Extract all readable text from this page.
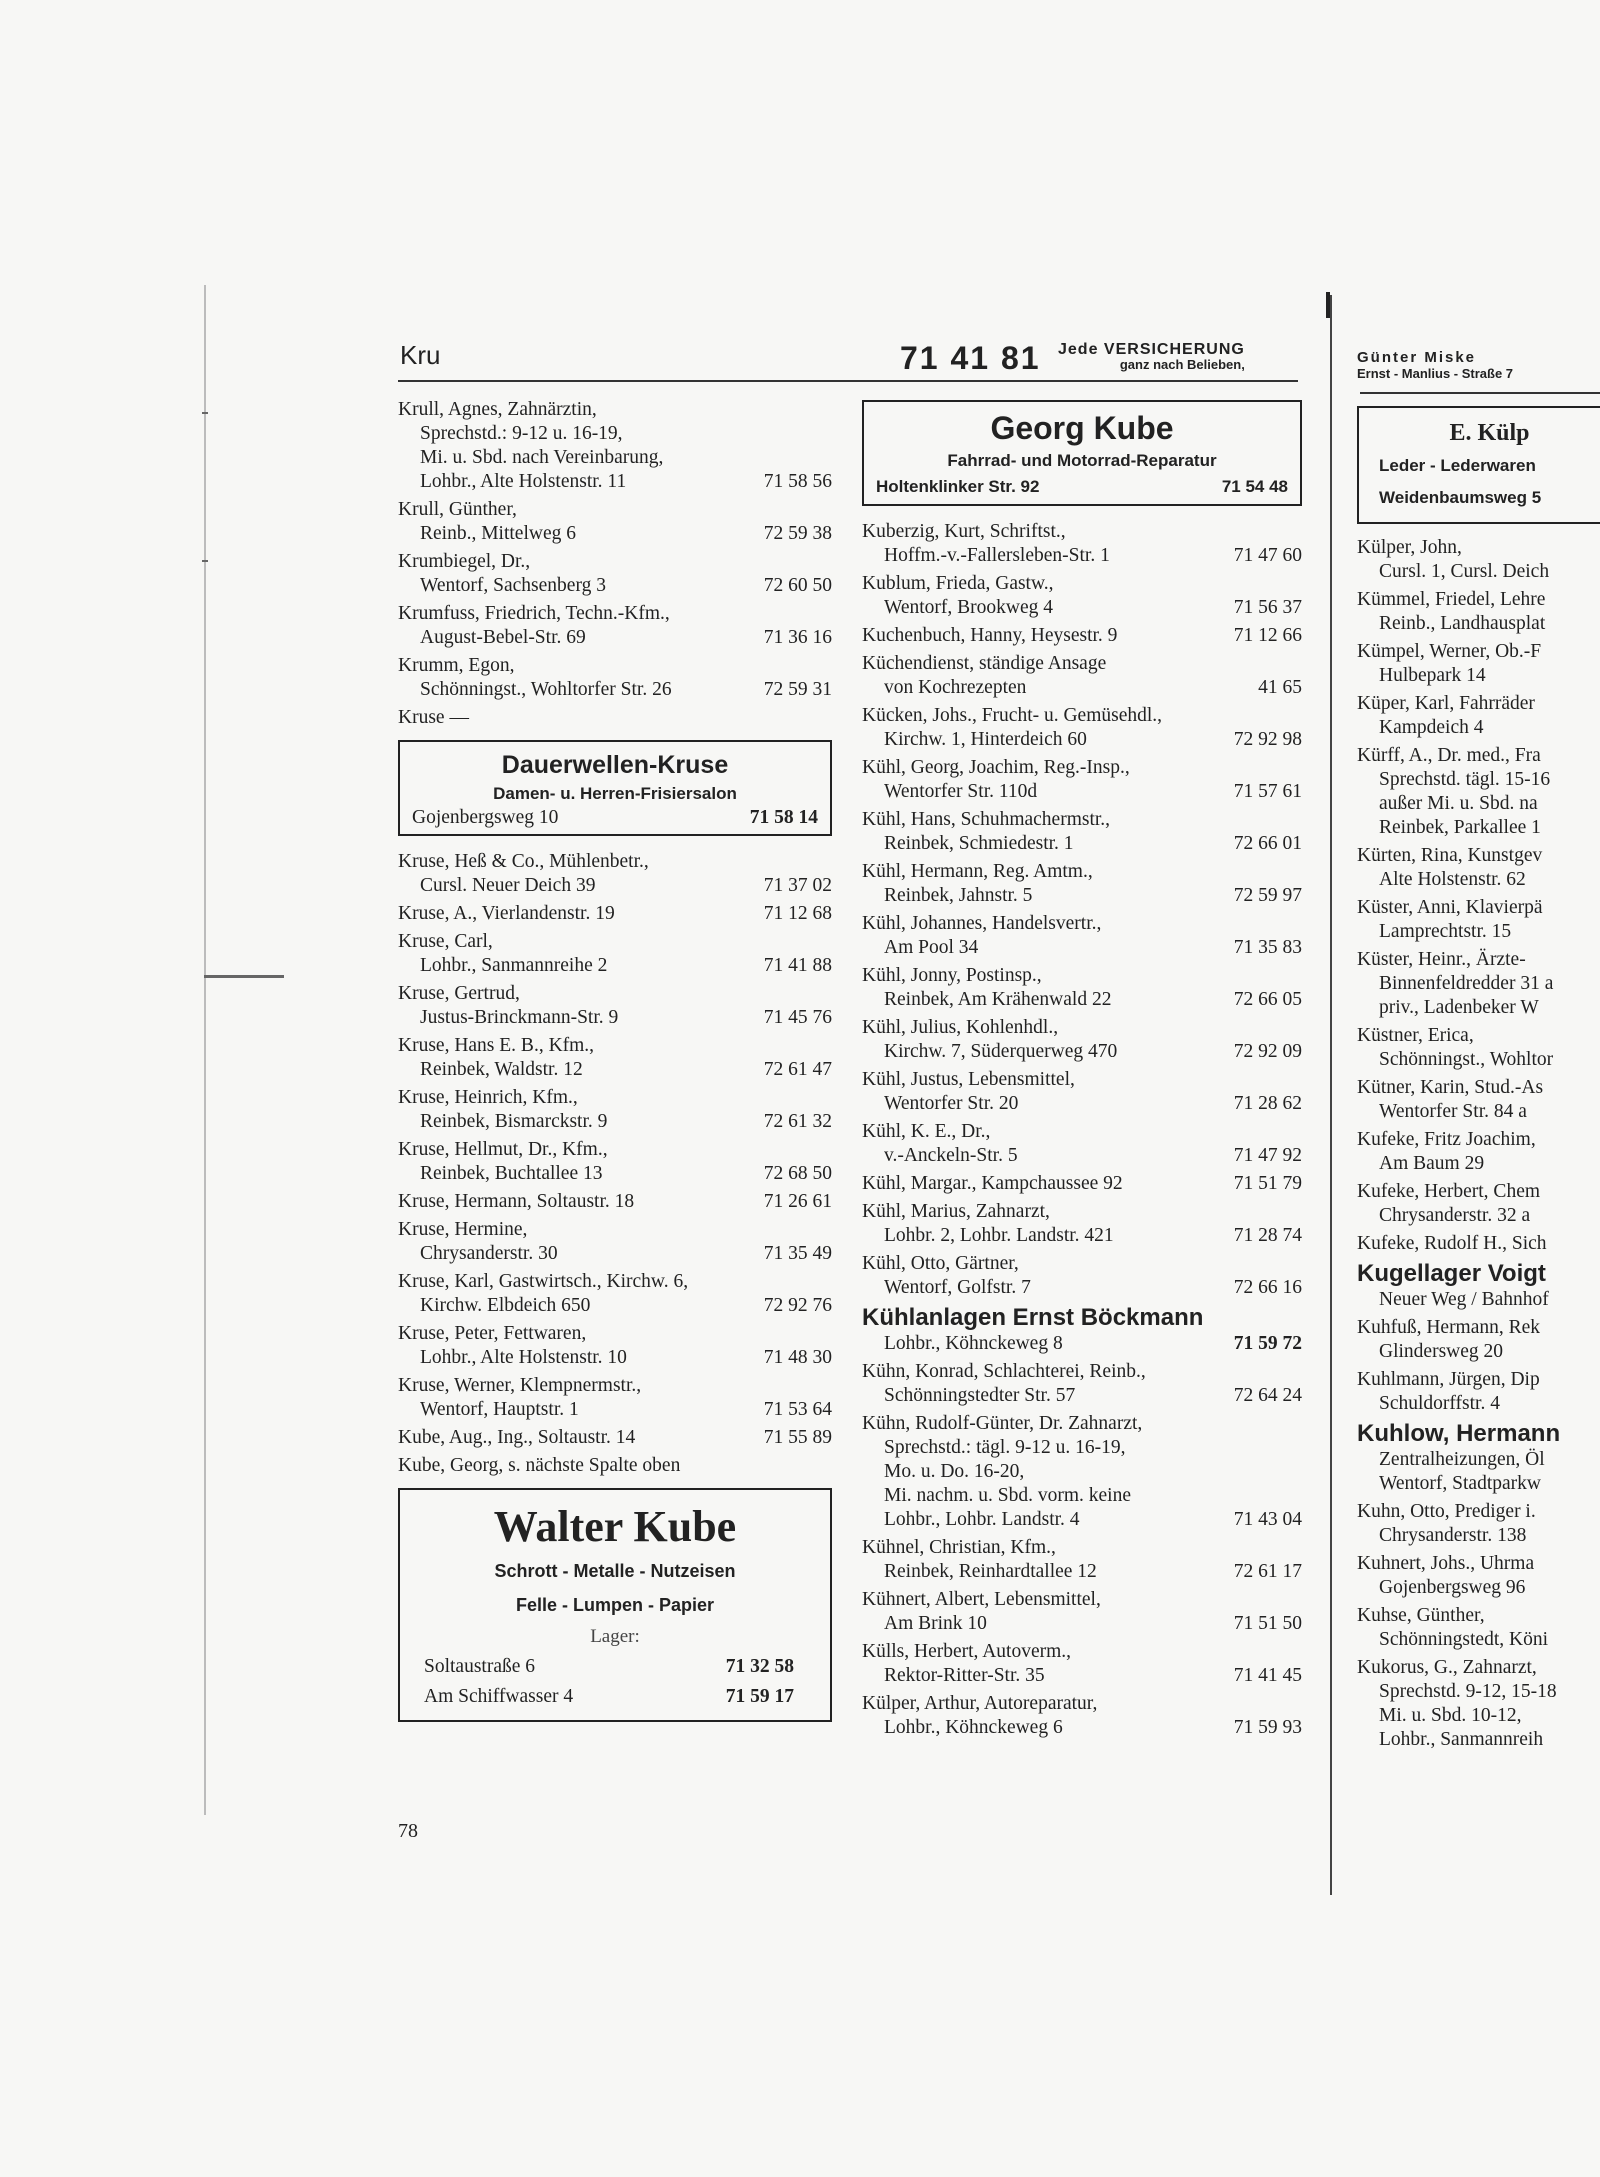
Kru	71 41 81 Jede VERSICHERUNG
ganz nach Belieben,
Krull, Agnes, Zahnärztin,
Sprechstd.: 9-12 u. 16-19,
Mi. u. Sbd. nach Vereinbarung,
Lohbr., Alte Holstenstr. 11	71 58 56
Krull, Günther,
Reinb., Mittelweg 6	72 59 38
Krumbiegel, Dr.,
Wentorf, Sachsenberg 3	72 60 50
Krumfuss, Friedrich, Techn.-Kfm.,
August-Bebel-Str. 69	71 36 16
Krumm, Egon,
Schönningst., Wohltorfer Str. 26	72 59 31
Kruse —
Dauerwellen-Kruse
Damen- u. Herren-Frisiersalon
Gojenbergsweg 10	71 58 14
Kruse, Heß & Co., Mühlenbetr.,
Cursl. Neuer Deich 39	71 37 02
Kruse, A., Vierlandenstr. 19	71 12 68
Kruse, Carl,
Lohbr., Sanmannreihe 2	71 41 88
Kruse, Gertrud,
Justus-Brinckmann-Str. 9	71 45 76
Kruse, Hans E. B., Kfm.,
Reinbek, Waldstr. 12	72 61 47
Kruse, Heinrich, Kfm.,
Reinbek, Bismarckstr. 9	72 61 32
Kruse, Hellmut, Dr., Kfm.,
Reinbek, Buchtallee 13	72 68 50
Kruse, Hermann, Soltaustr. 18	71 26 61
Kruse, Hermine,
Chrysanderstr. 30	71 35 49
Kruse, Karl, Gastwirtsch., Kirchw. 6,
Kirchw. Elbdeich 650	72 92 76
Kruse, Peter, Fettwaren,
Lohbr., Alte Holstenstr. 10	71 48 30
Kruse, Werner, Klempnermstr.,
Wentorf, Hauptstr. 1	71 53 64
Kube, Aug., Ing., Soltaustr. 14	71 55 89
Kube, Georg, s. nächste Spalte oben
Walter Kube
Schrott - Metalle - Nutzeisen
Felle - Lumpen - Papier
Lager:
Soltaustraße 6	71 32 58
Am Schiffwasser 4	71 59 17
78
Georg Kube
Fahrrad- und Motorrad-Reparatur
Holtenklinker Str. 92	71 54 48
Kuberzig, Kurt, Schriftst.,
Hoffm.-v.-Fallersleben-Str. 1	71 47 60
Kublum, Frieda, Gastw.,
Wentorf, Brookweg 4	71 56 37
Kuchenbuch, Hanny, Heysestr. 9	71 12 66
Küchendienst, ständige Ansage
von Kochrezepten	41 65
Kücken, Johs., Frucht- u. Gemüsehdl.,
Kirchw. 1, Hinterdeich 60	72 92 98
Kühl, Georg, Joachim, Reg.-Insp.,
Wentorfer Str. 110d	71 57 61
Kühl, Hans, Schuhmachermstr.,
Reinbek, Schmiedestr. 1	72 66 01
Kühl, Hermann, Reg. Amtm.,
Reinbek, Jahnstr. 5	72 59 97
Kühl, Johannes, Handelsvertr.,
Am Pool 34	71 35 83
Kühl, Jonny, Postinsp.,
Reinbek, Am Krähenwald 22	72 66 05
Kühl, Julius, Kohlenhdl.,
Kirchw. 7, Süderquerweg 470	72 92 09
Kühl, Justus, Lebensmittel,
Wentorfer Str. 20	71 28 62
Kühl, K. E., Dr.,
v.-Anckeln-Str. 5	71 47 92
Kühl, Margar., Kampchaussee 92	71 51 79
Kühl, Marius, Zahnarzt,
Lohbr. 2, Lohbr. Landstr. 421	71 28 74
Kühl, Otto, Gärtner,
Wentorf, Golfstr. 7	72 66 16
Kühlanlagen Ernst Böckmann
Lohbr., Köhnckeweg 8	71 59 72
Kühn, Konrad, Schlachterei, Reinb.,
Schönningstedter Str. 57	72 64 24
Kühn, Rudolf-Günter, Dr. Zahnarzt,
Sprechstd.: tägl. 9-12 u. 16-19,
Mo. u. Do. 16-20,
Mi. nachm. u. Sbd. vorm. keine
Lohbr., Lohbr. Landstr. 4	71 43 04
Kühnel, Christian, Kfm.,
Reinbek, Reinhardtallee 12	72 61 17
Kühnert, Albert, Lebensmittel,
Am Brink 10	71 51 50
Külls, Herbert, Autoverm.,
Rektor-Ritter-Str. 35	71 41 45
Külper, Arthur, Autoreparatur,
Lohbr., Köhnckeweg 6	71 59 93
Günter Miske
Ernst - Manlius - Straße 7
E. Külp
Leder - Lederwaren
Weidenbaumsweg 5
Külper, John,
Cursl. 1, Cursl. Deich
Kümmel, Friedel, Lehre
Reinb., Landhausplat
Kümpel, Werner, Ob.-F
Hulbepark 14
Küper, Karl, Fahrräder
Kampdeich 4
Kürff, A., Dr. med., Fra
Sprechstd. tägl. 15-16
außer Mi. u. Sbd. na
Reinbek, Parkallee 1
Kürten, Rina, Kunstgev
Alte Holstenstr. 62
Küster, Anni, Klavierpä
Lamprechtstr. 15
Küster, Heinr., Ärzte-
Binnenfeldredder 31 a
priv., Ladenbeker W
Küstner, Erica,
Schönningst., Wohltor
Kütner, Karin, Stud.-As
Wentorfer Str. 84 a
Kufeke, Fritz Joachim,
Am Baum 29
Kufeke, Herbert, Chem
Chrysanderstr. 32 a
Kufeke, Rudolf H., Sich
Kugellager Voigt
Neuer Weg / Bahnhof
Kuhfuß, Hermann, Rek
Glindersweg 20
Kuhlmann, Jürgen, Dip
Schuldorffstr. 4
Kuhlow, Hermann
Zentralheizungen, Öl
Wentorf, Stadtparkw
Kuhn, Otto, Prediger i.
Chrysanderstr. 138
Kuhnert, Johs., Uhrma
Gojenbergsweg 96
Kuhse, Günther,
Schönningstedt, Köni
Kukorus, G., Zahnarzt,
Sprechstd. 9-12, 15-18
Mi. u. Sbd. 10-12,
Lohbr., Sanmannreih
